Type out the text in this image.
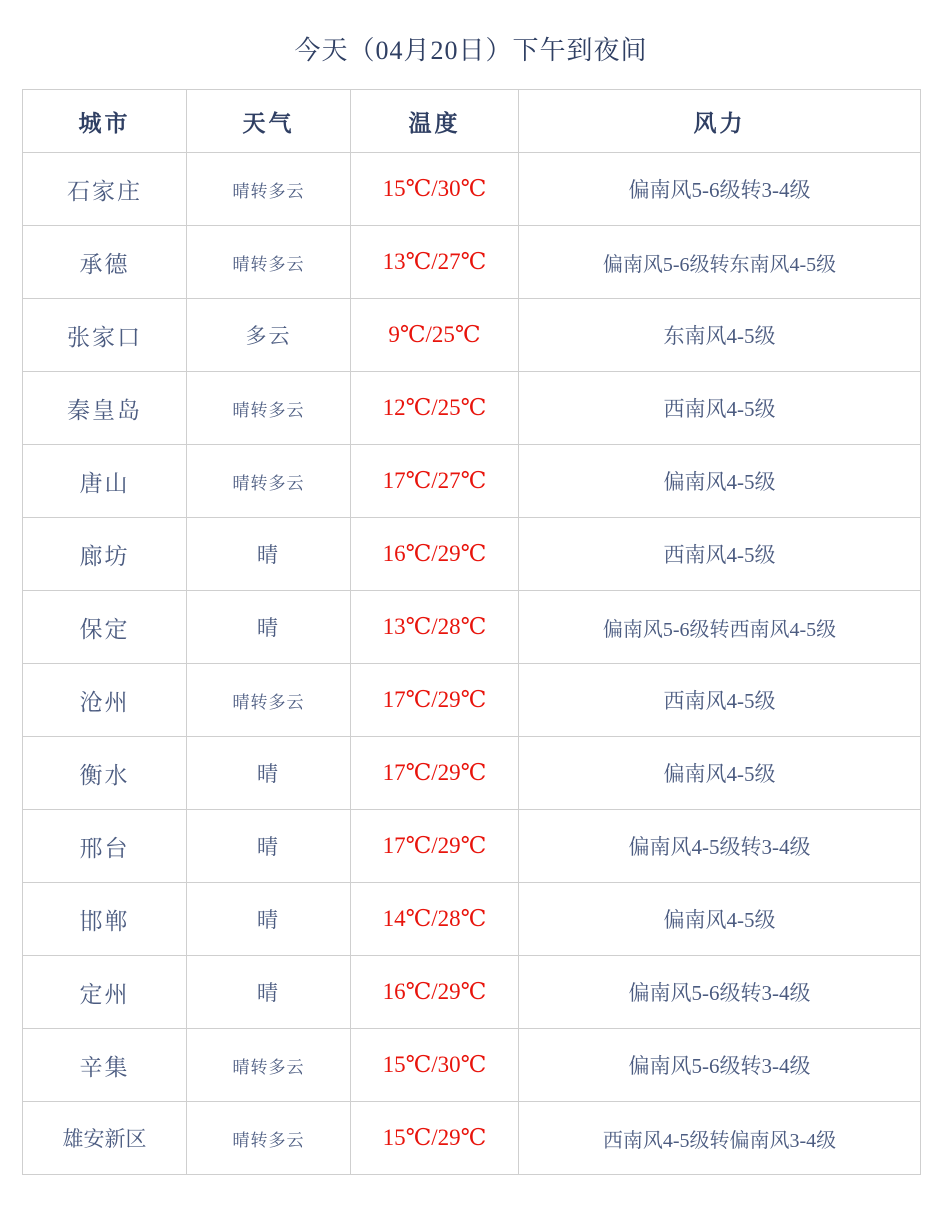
今天（04月20日）下午到夜间
城市	天气	温度	风力
石家庄	晴转多云	15℃/30℃	偏南风5-6级转3-4级
承德	晴转多云	13℃/27℃	偏南风5-6级转东南风4-5级
张家口	多云	9℃/25℃	东南风4-5级
秦皇岛	晴转多云	12℃/25℃	西南风4-5级
唐山	晴转多云	17℃/27℃	偏南风4-5级
廊坊	晴	16℃/29℃	西南风4-5级
保定	晴	13℃/28℃	偏南风5-6级转西南风4-5级
沧州	晴转多云	17℃/29℃	西南风4-5级
衡水	晴	17℃/29℃	偏南风4-5级
邢台	晴	17℃/29℃	偏南风4-5级转3-4级
邯郸	晴	14℃/28℃	偏南风4-5级
定州	晴	16℃/29℃	偏南风5-6级转3-4级
辛集	晴转多云	15℃/30℃	偏南风5-6级转3-4级
雄安新区	晴转多云	15℃/29℃	西南风4-5级转偏南风3-4级
